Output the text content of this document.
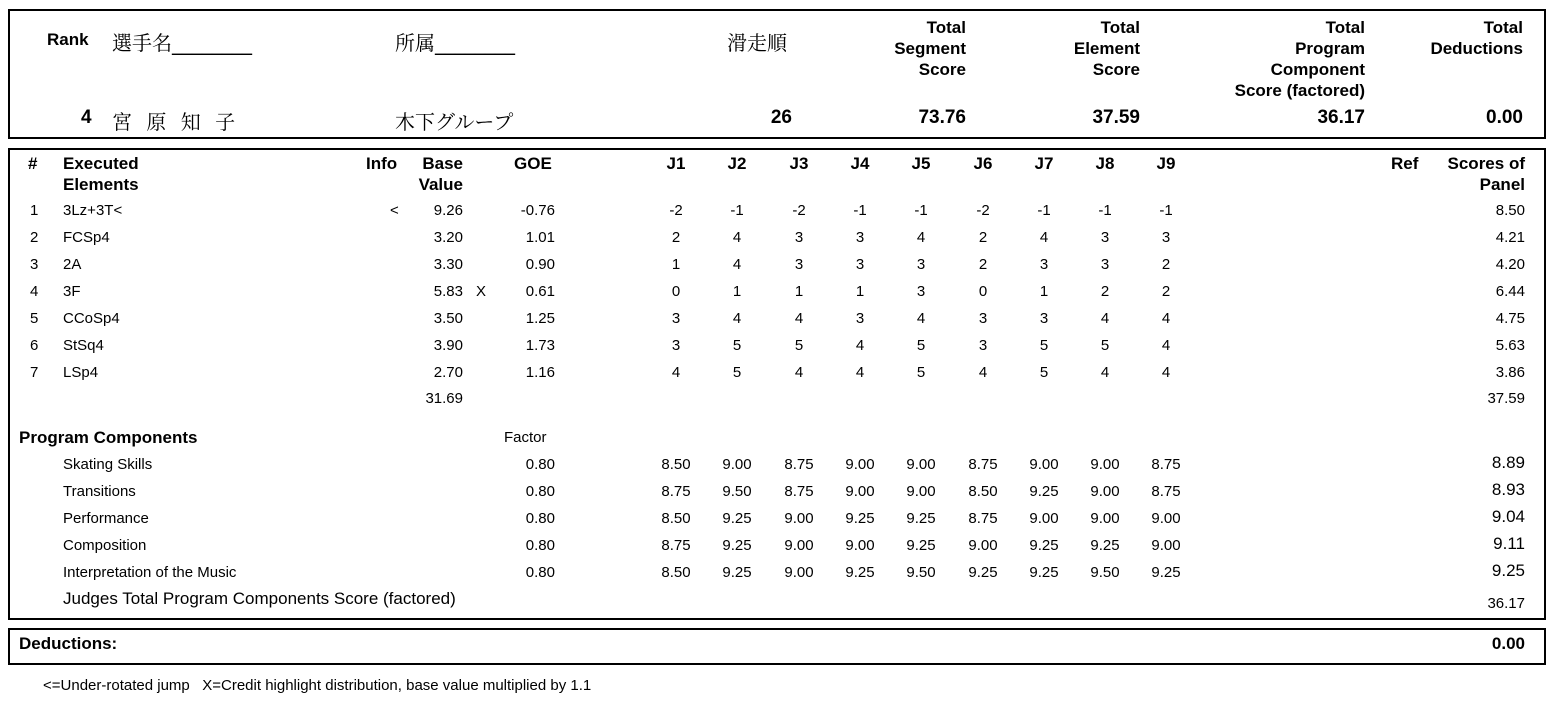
Rank 選手名________	所属________	滑走順
Total
Segment
Score
Total
Element
Score
Total
Program
Component
Score (factored)
Total
Deductions
4 宮 原 知 子	木下グループ	26	73.76	37.59	36.17	0.00
# Executed
Elements
Info Base
Value
GOE	J1	J2	J3	J4	J5	J6	J7	J8	J9	Ref Scores of
Panel
1 3Lz+3T<	< 9.26	-0.76	-2	-1	-2	-1	-1	-2	-1	-1	-1	8.50
2 FCSp4	3.20	1.01	2	4	3	3	4	2	4	3	3	4.21
3 2A	3.30	0.90	1	4	3	3	3	2	3	3	2	4.20
4 3F	5.83 X	0.61	0	1	1	1	3	0	1	2	2	6.44
5 CCoSp4	3.50	1.25	3	4	4	3	4	3	3	4	4	4.75
6 StSq4	3.90	1.73	3	5	5	4	5	3	5	5	4	5.63
7 LSp4	2.70	1.16	4	5	4	4	5	4	5	4	4	3.86
31.69	37.59
Program Components	Factor
Skating Skills	0.80	8.50	9.00	8.75	9.00	9.00	8.75	9.00	9.00	8.75	8.89
Transitions	0.80	8.75	9.50	8.75	9.00	9.00	8.50	9.25	9.00	8.75	8.93
Performance	0.80	8.50	9.25	9.00	9.25	9.25	8.75	9.00	9.00	9.00	9.04
Composition	0.80	8.75	9.25	9.00	9.00	9.25	9.00	9.25	9.25	9.00	9.11
Interpretation of the Music	0.80	8.50	9.25	9.00	9.25	9.50	9.25	9.25	9.50	9.25	9.25
Judges Total Program Components Score (factored)	36.17
Deductions:	0.00
<=Under-rotated jump   X=Credit highlight distribution, base value multiplied by 1.1
